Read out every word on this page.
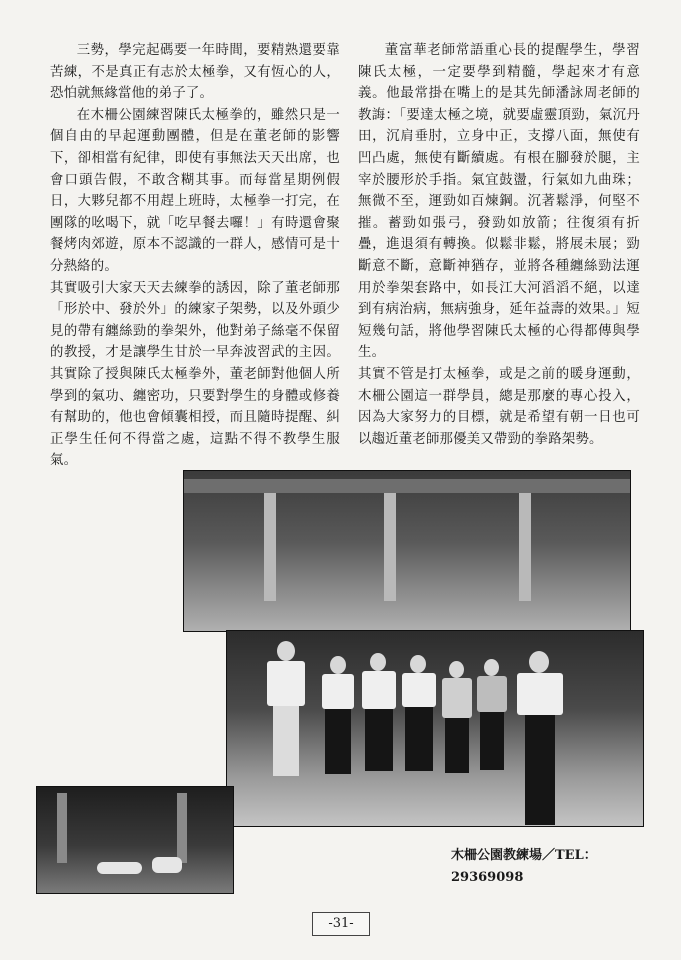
三勢，學完起碼要一年時間，要精熟還要靠苦練，不是真正有志於太極拳，又有恆心的人，恐怕就無緣當他的弟子了。

在木柵公園練習陳氏太極拳的，雖然只是一個自由的早起運動團體，但是在董老師的影響下，卻相當有紀律，即使有事無法天天出席，也會口頭告假，不敢含糊其事。而每當星期例假日，大夥兒都不用趕上班時，太極拳一打完，在團隊的吆喝下，就「吃早餐去囉！」有時還會聚餐烤肉郊遊，原本不認識的一群人，感情可是十分熱絡的。

其實吸引大家天天去練拳的誘因，除了董老師那「形於中、發於外」的練家子架勢，以及外頭少見的帶有纏絲勁的拳架外，他對弟子絲毫不保留的教授，才是讓學生甘於一早奔波習武的主因。其實除了授與陳氏太極拳外，董老師對他個人所學到的氣功、纏密功，只要對學生的身體或修養有幫助的，他也會傾囊相授，而且隨時提醒、糾正學生任何不得當之處，這點不得不教學生服氣。

董富華老師常語重心長的提醒學生，學習陳氏太極，一定要學到精髓，學起來才有意義。他最常掛在嘴上的是其先師潘詠周老師的教誨：「要達太極之境，就要虛靈頂勁，氣沉丹田，沉肩垂肘，立身中正，支撐八面，無使有凹凸處，無使有斷續處。有根在腳發於腿，主宰於腰形於手指。氣宜鼓盪，行氣如九曲珠；無微不至，運勁如百煉鋼。沉著鬆淨，何堅不摧。蓄勁如張弓，發勁如放箭；往復須有折疊，進退須有轉換。似鬆非鬆，將展未展；勁斷意不斷，意斷神猶存，並將各種纏絲勁法運用於拳架套路中，如長江大河滔滔不絕，以達到有病治病，無病強身，延年益壽的效果。」短短幾句話，將他學習陳氏太極的心得都傳與學生。

其實不管是打太極拳，或是之前的暖身運動，木柵公園這一群學員，總是那麼的專心投入，因為大家努力的目標，就是希望有朝一日也可以趨近董老師那優美又帶勁的拳路架勢。

木柵公園教練場／TEL：
29369098
-31-
